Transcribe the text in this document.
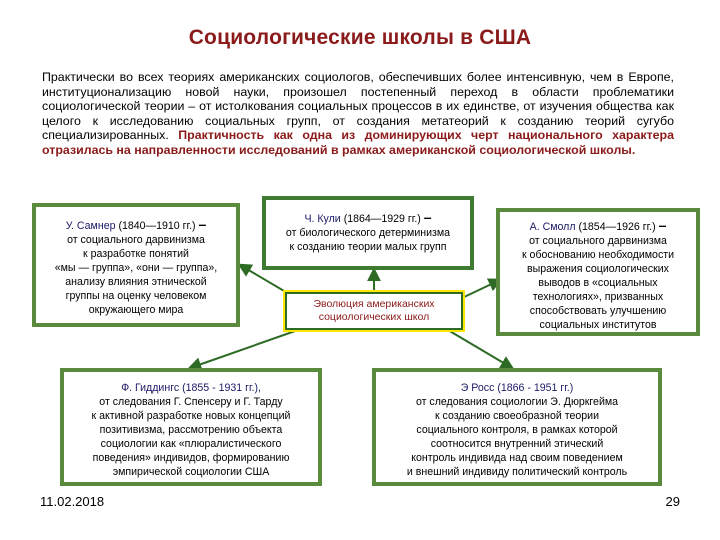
Социологические школы в США
Практически во всех теориях американских социологов, обеспечивших более интенсивную, чем в Европе, институционализацию новой науки, произошел постепенный переход в области проблематики социологической теории – от истолкования социальных процессов в их единстве, от изучения общества как целого к исследованию социальных групп, от создания метатеорий к созданию теорий сугубо специализированных. Практичность как одна из доминирующих черт национального характера отразилась на направленности исследований в рамках американской социологической школы.
У. Самнер (1840—1910 гг.) –
от социального дарвинизма
к разработке понятий
«мы — группа», «они — группа»,
анализу влияния этнической
группы на оценку человеком
окружающего мира
Ч. Кули (1864—1929 гг.) –
от биологического детерминизма
к созданию теории малых групп
А. Смолл (1854—1926 гг.) –
от социального дарвинизма
к обоснованию необходимости
выражения социологических
выводов в «социальных
технологиях», призванных
способствовать улучшению
социальных институтов
Эволюция американских
социологических школ
Ф. Гиддингс (1855 - 1931 гг.),
от следования Г. Спенсеру и Г. Тарду
к активной разработке новых концепций
позитивизма, рассмотрению объекта
социологии как «плюралистического
поведения» индивидов, формированию
эмпирической социологии США
Э Росс (1866 - 1951 гг.)
от следования социологии Э. Дюркгейма
к созданию своеобразной теории
социального контроля, в рамках которой
соотносится внутренний этический
контроль индивида над своим поведением
и внешний индивиду политический контроль
11.02.2018	29
